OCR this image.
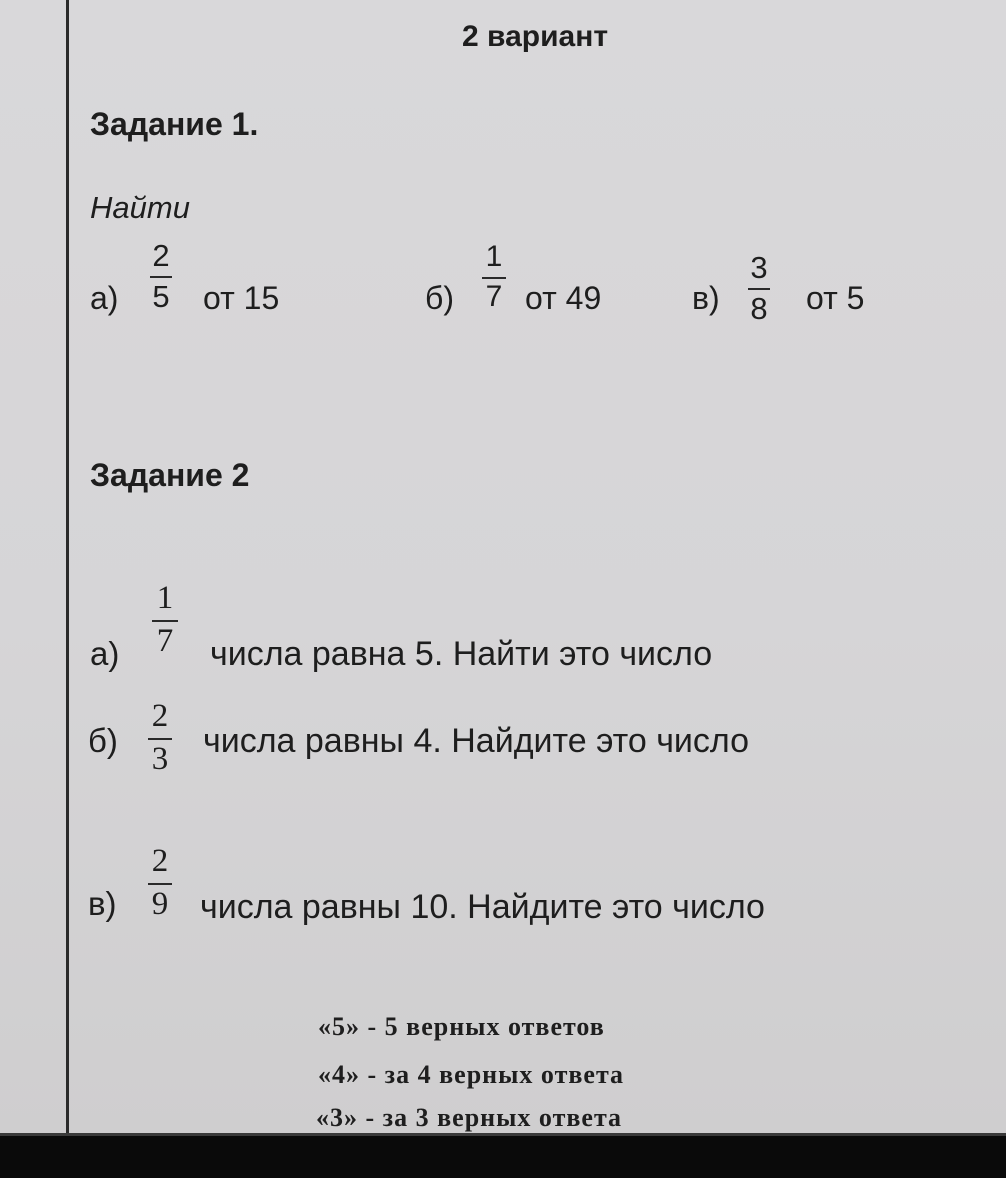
2 вариант
Задание 1.
Найти
а)
2
5 от 15	б)
1
7 от 49	в)
3
8 от 5
Задание 2
а)
1
7 числа равна 5. Найти это число
б)
2
3 числа равны 4. Найдите это число
в)
2
9 числа равны 10. Найдите это число
«5» - 5 верных ответов
«4» - за 4 верных ответа
«3» - за 3 верных ответа
